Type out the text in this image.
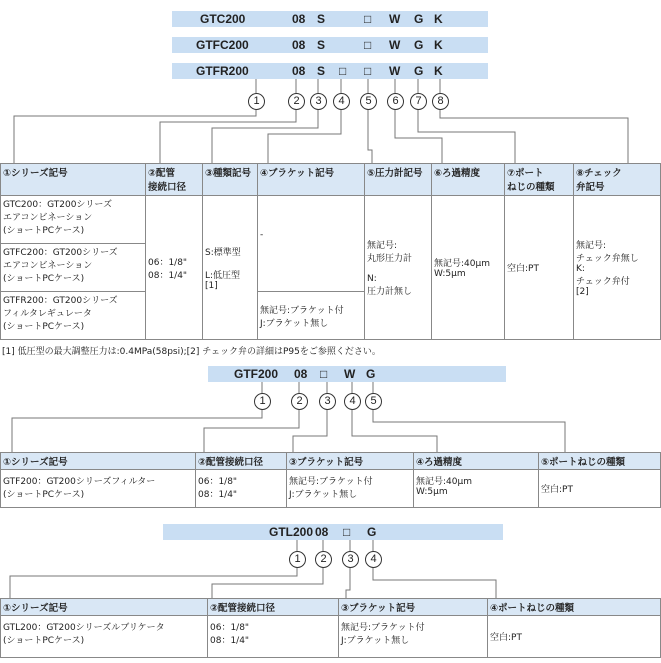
GTC200	08 S	□ W G K
GTFC200	08 S	□ W G K
GTFR200	08 S □ □ W G K
1	2	3	4	5	6	7	8
①シリーズ記号	②配管
接続口径	③種類記号	④ブラケット記号	⑤圧力計記号	⑥ろ過精度	⑦ポート
ねじの種類	⑧チェック
弁記号
GTC200：GT200シリーズ
エアコンビネーション
(ショートPCケース)	06：1/8"
08：1/4"	S:標準型

L:低圧型
[1]	-	無記号:
丸形圧力計

N:
圧力計無し	無記号:40μm
W:5μm	空白:PT	無記号:
チェック弁無し
K:
チェック弁付
[2]
GTFC200：GT200シリーズ
エアコンビネーション
(ショートPCケース)							
GTFR200：GT200シリーズ
フィルタレギュレータ
(ショートPCケース)			無記号:ブラケット付
J:ブラケット無し				
[1] 低圧型の最大調整圧力は:0.4MPa(58psi);[2] チェック弁の詳細はP95をご参照ください。
GTF200 08 □ W G
1	2	3	4	5
①シリーズ記号	②配管接続口径	③ブラケット記号	④ろ過精度	⑤ポートねじの種類
GTF200：GT200シリーズフィルター
(ショートPCケース)	06：1/8"
08：1/4"	無記号:ブラケット付
J:ブラケット無し	無記号:40μm
W:5μm	空白:PT
GTL200 08 □ G
1	2	3	4
①シリーズ記号	②配管接続口径	③ブラケット記号	④ポートねじの種類
GTL200：GT200シリーズルブリケータ
(ショートPCケース)	06：1/8"
08：1/4"	無記号:ブラケット付
J:ブラケット無し	空白:PT
